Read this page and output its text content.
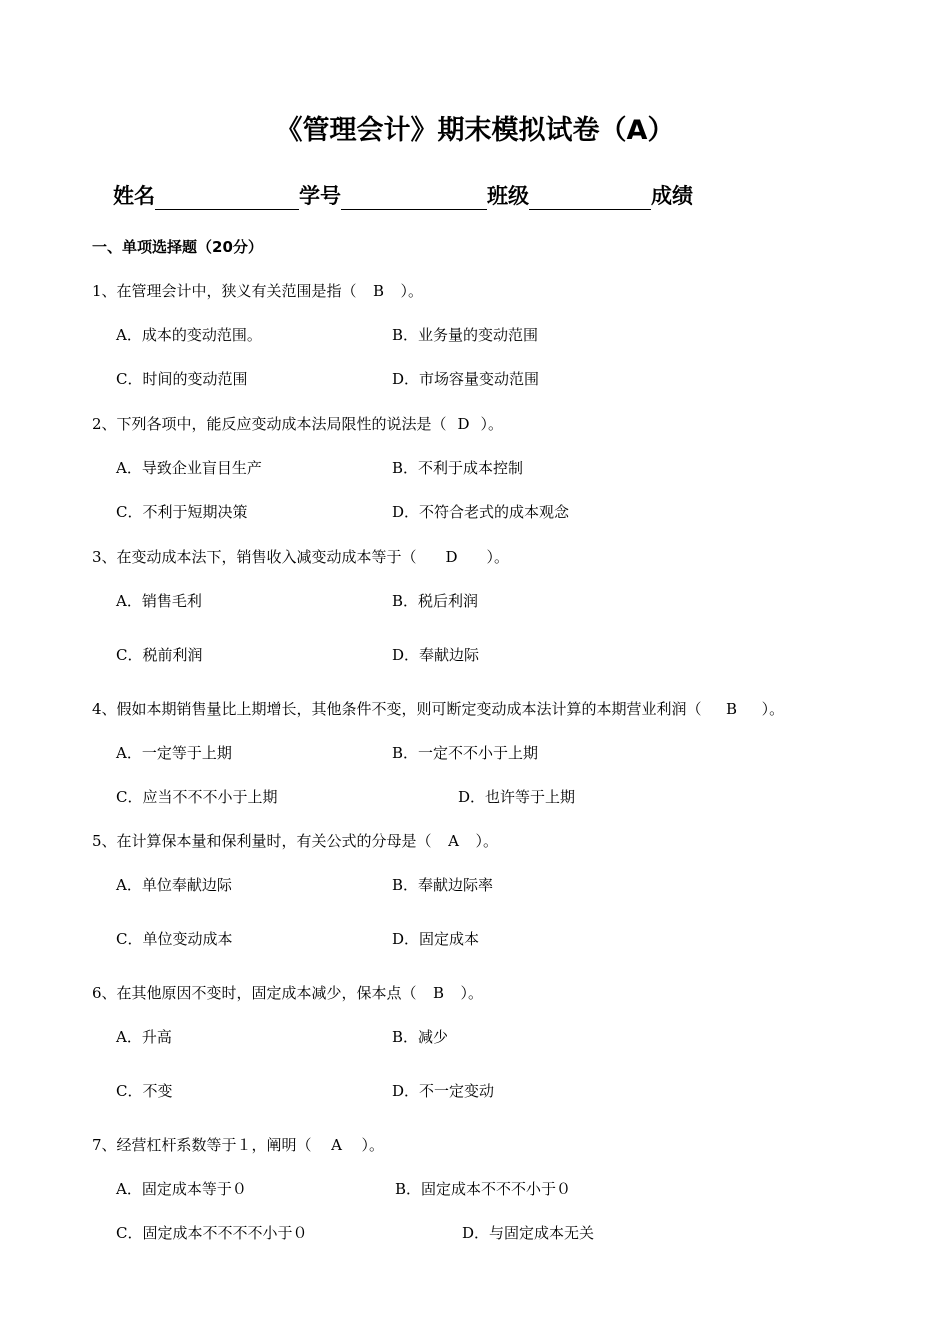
《管理会计》期末模拟试卷（A）
姓名	学号	班级	成绩
一、单项选择题（20分）
1、在管理会计中，狭义有关范围是指（ B ）。
A．成本的变动范围。	B．业务量的变动范围
C．时间的变动范围	D．市场容量变动范围
2、下列各项中，能反应变动成本法局限性的说法是（ D ）。
A．导致企业盲目生产	B．不利于成本控制
C．不利于短期决策	D．不符合老式的成本观念
3、在变动成本法下，销售收入减变动成本等于（ D ）。
A．销售毛利	B．税后利润
C．税前利润	D．奉献边际
4、假如本期销售量比上期增长，其他条件不变，则可断定变动成本法计算的本期营业利润（ B ）。
A．一定等于上期	B．一定不不小于上期
C．应当不不不小于上期	D．也许等于上期
5、在计算保本量和保利量时，有关公式的分母是（ A ）。
A．单位奉献边际	B．奉献边际率
C．单位变动成本	D．固定成本
6、在其他原因不变时，固定成本减少，保本点（ B ）。
A．升高	B．减少
C．不变	D．不一定变动
7、经营杠杆系数等于１，阐明（ A ）。
A．固定成本等于０	B．固定成本不不不小于０
C．固定成本不不不不小于０	D．与固定成本无关
